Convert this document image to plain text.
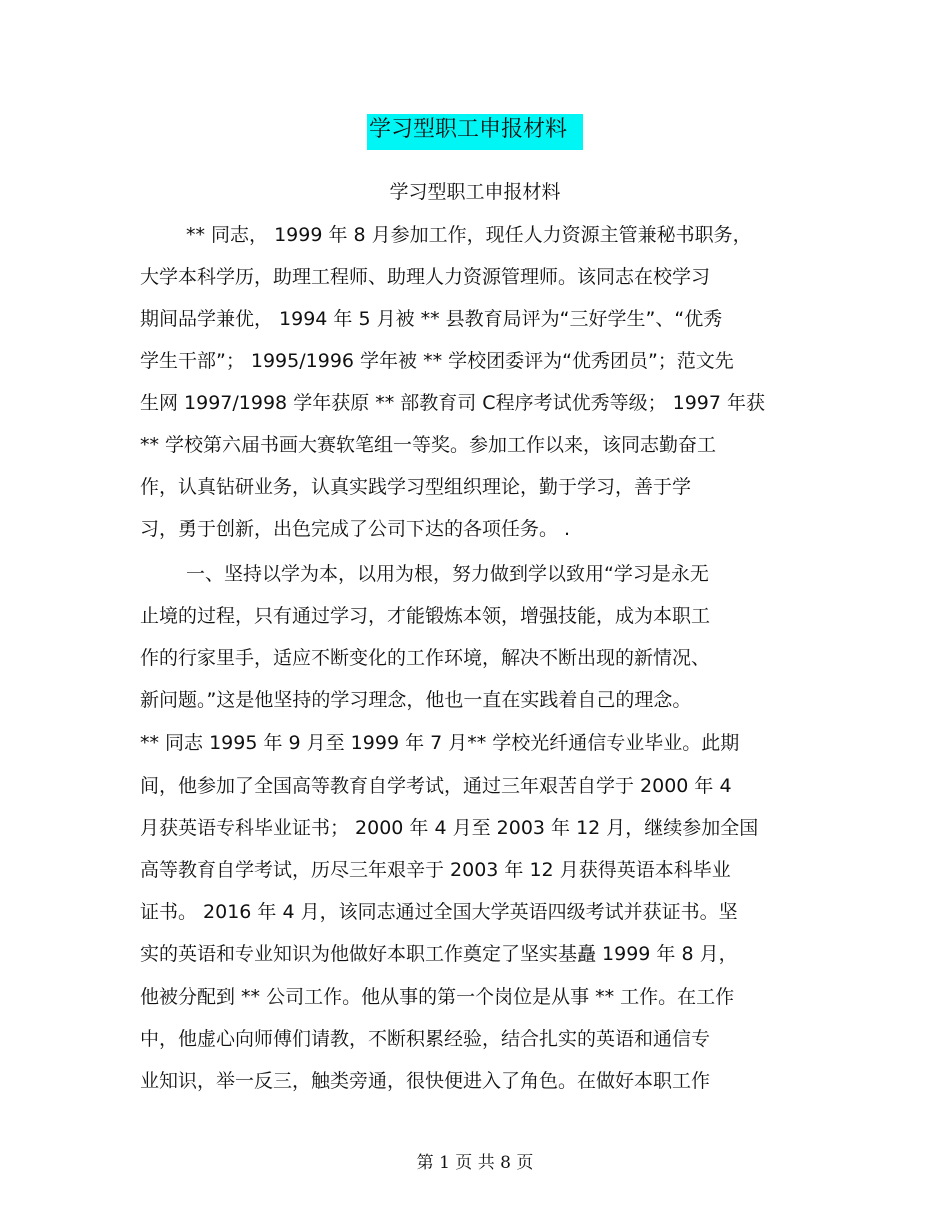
学习型职工申报材料
学习型职工申报材料
** 同志， 1999 年 8 月参加工作，现任人力资源主管兼秘书职务，
大学本科学历，助理工程师、助理人力资源管理师。该同志在校学习
期间品学兼优， 1994 年 5 月被 ** 县教育局评为“三好学生”、“优秀
学生干部”； 1995/1996 学年被 ** 学校团委评为“优秀团员”；范文先
生网 1997/1998 学年获原 ** 部教育司 C程序考试优秀等级； 1997 年获
** 学校第六届书画大赛软笔组一等奖。参加工作以来，该同志勤奋工
作，认真钻研业务，认真实践学习型组织理论，勤于学习，善于学
习，勇于创新，出色完成了公司下达的各项任务。 .
一、坚持以学为本，以用为根，努力做到学以致用“学习是永无
止境的过程，只有通过学习，才能锻炼本领，增强技能，成为本职工
作的行家里手，适应不断变化的工作环境，解决不断出现的新情况、
新问题。”这是他坚持的学习理念，他也一直在实践着自己的理念。
** 同志 1995 年 9 月至 1999 年 7 月** 学校光纤通信专业毕业。此期
间，他参加了全国高等教育自学考试，通过三年艰苦自学于 2000 年 4
月获英语专科毕业证书； 2000 年 4 月至 2003 年 12 月，继续参加全国
高等教育自学考试，历尽三年艰辛于 2003 年 12 月获得英语本科毕业
证书。 2016 年 4 月，该同志通过全国大学英语四级考试并获证书。坚
实的英语和专业知识为他做好本职工作奠定了坚实基矗 1999 年 8 月，
他被分配到 ** 公司工作。他从事的第一个岗位是从事 ** 工作。在工作
中，他虚心向师傅们请教，不断积累经验，结合扎实的英语和通信专
业知识，举一反三，触类旁通，很快便进入了角色。在做好本职工作
第 1 页 共 8 页
